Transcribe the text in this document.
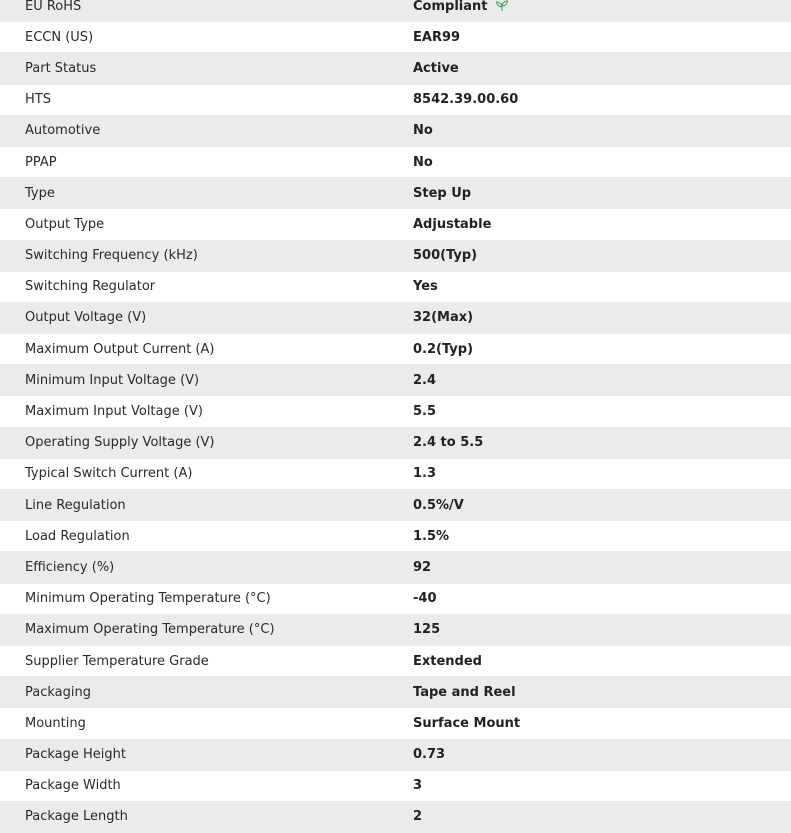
EU RoHS	Compliant
ECCN (US)	EAR99
Part Status	Active
HTS	8542.39.00.60
Automotive	No
PPAP	No
Type	Step Up
Output Type	Adjustable
Switching Frequency (kHz)	500(Typ)
Switching Regulator	Yes
Output Voltage (V)	32(Max)
Maximum Output Current (A)	0.2(Typ)
Minimum Input Voltage (V)	2.4
Maximum Input Voltage (V)	5.5
Operating Supply Voltage (V)	2.4 to 5.5
Typical Switch Current (A)	1.3
Line Regulation	0.5%/V
Load Regulation	1.5%
Efficiency (%)	92
Minimum Operating Temperature (°C)	-40
Maximum Operating Temperature (°C)	125
Supplier Temperature Grade	Extended
Packaging	Tape and Reel
Mounting	Surface Mount
Package Height	0.73
Package Width	3
Package Length	2
